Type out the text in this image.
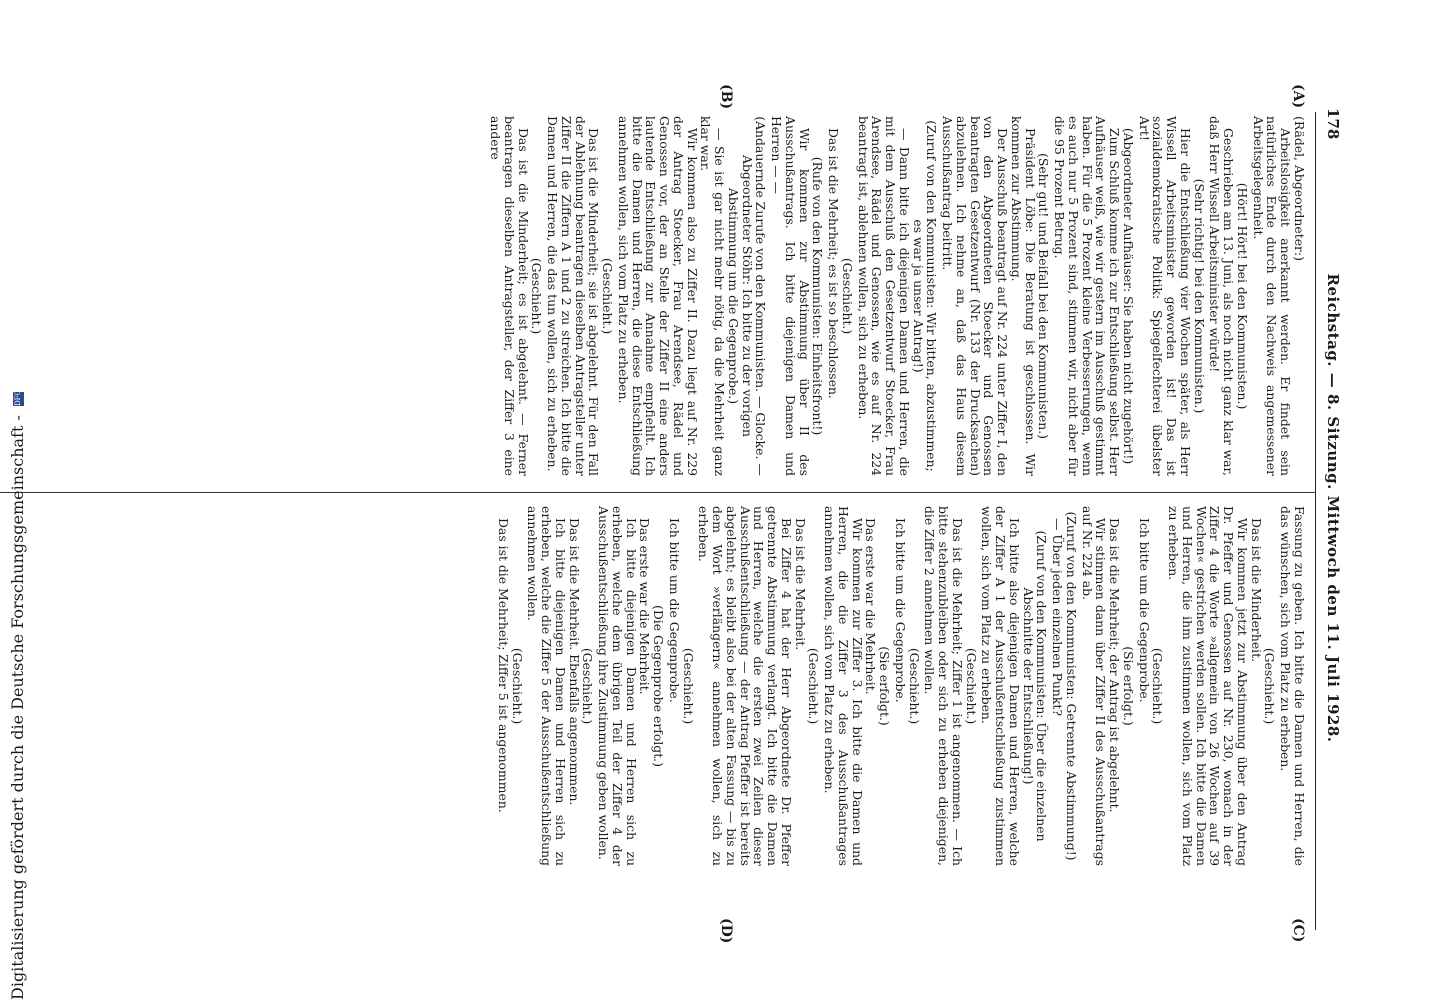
178
Reichstag. — 8. Sitzung. Mittwoch den 11. Juli 1928.
(A)
(B)
(C)
(D)

(Rädel, Abgeordneter:)

Arbeitslosigkeit anerkannt werden. Er findet sein natürliches Ende durch den Nachweis angemessener Arbeitsgelegenheit.

(Hört! Hört! bei den Kommunisten.)

Geschrieben am 13. Juni, als noch nicht ganz klar war, daß Herr Wissell Arbeitsminister würde!

(Sehr richtig! bei den Kommunisten.)

Hier die Entschließung vier Wochen später, als Herr Wissell Arbeitsminister geworden ist! Das ist sozialdemokratische Politik: Spiegelfechterei übelster Art!

(Abgeordneter Aufhäuser: Sie haben nicht zugehört!)

Zum Schluß komme ich zur Entschließung selbst. Herr Aufhäuser weiß, wie wir gestern im Ausschuß gestimmt haben. Für die 5 Prozent kleine Verbesserungen, wenn es auch nur 5 Prozent sind, stimmen wir, nicht aber für die 95 Prozent Betrug.

(Sehr gut! und Beifall bei den Kommunisten.)

Präsident Löbe: Die Beratung ist geschlossen. Wir kommen zur Abstimmung.

Der Ausschuß beantragt auf Nr. 224 unter Ziffer I, den von den Abgeordneten Stoecker und Genossen beantragten Gesetzentwurf (Nr. 133 der Drucksachen) abzulehnen. Ich nehme an, daß das Haus diesem Ausschußantrag beitritt.

(Zuruf von den Kommunisten: Wir bitten, abzustimmen; es war ja unser Antrag!)

— Dann bitte ich diejenigen Damen und Herren, die mit dem Ausschuß den Gesetzentwurf Stoecker, Frau Arendsee, Rädel und Genossen, wie es auf Nr. 224 beantragt ist, ablehnen wollen, sich zu erheben.

(Geschieht.)

Das ist die Mehrheit; es ist so beschlossen.

(Rufe von den Kommunisten: Einheitsfront!)

Wir kommen zur Abstimmung über II des Ausschußantrags. Ich bitte diejenigen Damen und Herren — —

(Andauernde Zurufe von den Kommunisten. — Glocke. — Abgeordneter Stöhr: Ich bitte zu der vorigen Abstimmung um die Gegenprobe.)

— Sie ist gar nicht mehr nötig, da die Mehrheit ganz klar war.

Wir kommen also zu Ziffer II. Dazu liegt auf Nr. 229 der Antrag Stoecker, Frau Arendsee, Rädel und Genossen vor, der an Stelle der Ziffer II eine anders lautende Entschließung zur Annahme empfiehlt. Ich bitte die Damen und Herren, die diese Entschließung annehmen wollen, sich vom Platz zu erheben.

(Geschieht.)

Das ist die Minderheit; sie ist abgelehnt. Für den Fall der Ablehnung beantragen dieselben Antragsteller unter Ziffer II die Ziffern A 1 und 2 zu streichen. Ich bitte die Damen und Herren, die das tun wollen, sich zu erheben.

(Geschieht.)

Das ist die Minderheit; es ist abgelehnt. — Ferner beantragen dieselben Antragsteller, der Ziffer 3 eine andere

Fassung zu geben. Ich bitte die Damen und Herren, die das wünschen, sich vom Platz zu erheben.

(Geschieht.)

Das ist die Minderheit.

Wir kommen jetzt zur Abstimmung über den Antrag Dr. Pfeffer und Genossen auf Nr. 230, wonach in der Ziffer 4 die Worte »allgemein von 26 Wochen auf 39 Wochen« gestrichen werden sollen. Ich bitte die Damen und Herren, die ihm zustimmen wollen, sich vom Platz zu erheben.

(Geschieht.)

Ich bitte um die Gegenprobe.

(Sie erfolgt.)

Das ist die Mehrheit; der Antrag ist abgelehnt.

Wir stimmen dann über Ziffer II des Ausschußantrags auf Nr. 224 ab.

(Zuruf von den Kommunisten: Getrennte Abstimmung!)

— Über jeden einzelnen Punkt?

(Zuruf von den Kommunisten: Über die einzelnen Abschnitte der Entschließung!)

Ich bitte also diejenigen Damen und Herren, welche der Ziffer A 1 der Ausschußentschließung zustimmen wollen, sich vom Platz zu erheben.

(Geschieht.)

Das ist die Mehrheit; Ziffer 1 ist angenommen. — Ich bitte stehenzubleiben oder sich zu erheben diejenigen, die Ziffer 2 annehmen wollen.

(Geschieht.)

Ich bitte um die Gegenprobe.

(Sie erfolgt.)

Das erste war die Mehrheit.

Wir kommen zur Ziffer 3. Ich bitte die Damen und Herren, die die Ziffer 3 des Ausschußantrages annehmen wollen, sich vom Platz zu erheben.

(Geschieht.)

Das ist die Mehrheit.

Bei Ziffer 4 hat der Herr Abgeordnete Dr. Pfeffer getrennte Abstimmung verlangt. Ich bitte die Damen und Herren, welche die ersten zwei Zeilen dieser Ausschußentschließung — der Antrag Pfeffer ist bereits abgelehnt; es bleibt also bei der alten Fassung — bis zu dem Wort »verlängern« annehmen wollen, sich zu erheben.

(Geschieht.)

Ich bitte um die Gegenprobe.

(Die Gegenprobe erfolgt.)

Das erste war die Mehrheit.

Ich bitte diejenigen Damen und Herren sich zu erheben, welche dem übrigen Teil der Ziffer 4 der Ausschußentschließung ihre Zustimmung geben wollen.

(Geschieht.)

Das ist die Mehrheit. Ebenfalls angenommen.

Ich bitte diejenigen Damen und Herren sich zu erheben, welche die Ziffer 5 der Ausschußentschließung annehmen wollen.

(Geschieht.)

Das ist die Mehrheit; Ziffer 5 ist angenommen.

Digitalisierung gefördert durch die Deutsche Forschungsgemeinschaft - DFG
